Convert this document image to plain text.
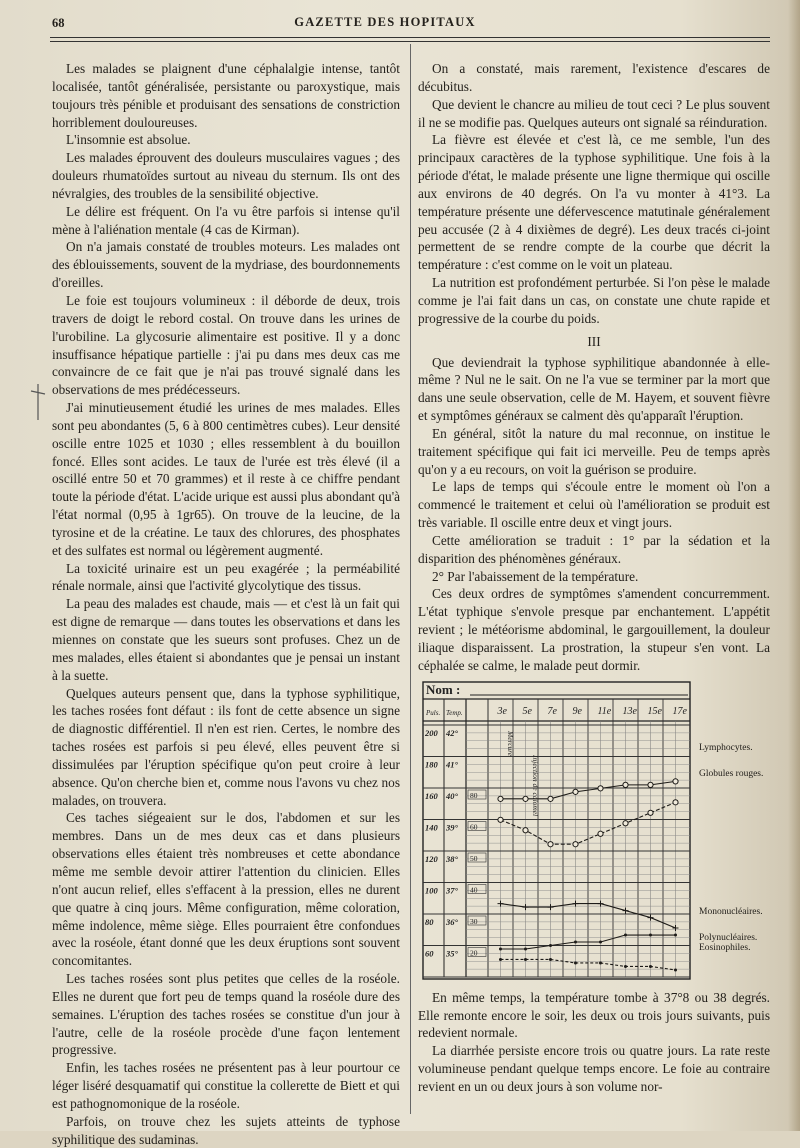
68	GAZETTE DES HOPITAUX

Les malades se plaignent d'une céphalalgie intense, tantôt localisée, tantôt généralisée, persistante ou paroxystique, mais toujours très pénible et produisant des sensations de constriction horriblement douloureuses.

L'insomnie est absolue.

Les malades éprouvent des douleurs musculaires vagues ; des douleurs rhumatoïdes surtout au niveau du sternum. Ils ont des névralgies, des troubles de la sensibilité objective.

Le délire est fréquent. On l'a vu être parfois si intense qu'il mène à l'aliénation mentale (4 cas de Kirman).

On n'a jamais constaté de troubles moteurs. Les malades ont des éblouissements, souvent de la mydriase, des bourdonnements d'oreilles.

Le foie est toujours volumineux : il déborde de deux, trois travers de doigt le rebord costal. On trouve dans les urines de l'urobiline. La glycosurie alimentaire est positive. Il y a donc insuffisance hépatique partielle : j'ai pu dans mes deux cas me convaincre de ce fait que je n'ai pas trouvé signalé dans les observations de mes prédécesseurs.

J'ai minutieusement étudié les urines de mes malades. Elles sont peu abondantes (5, 6 à 800 centimètres cubes). Leur densité oscille entre 1025 et 1030 ; elles ressemblent à du bouillon foncé. Elles sont acides. Le taux de l'urée est très élevé (il a oscillé entre 50 et 70 grammes) et il reste à ce chiffre pendant toute la période d'état. L'acide urique est aussi plus abondant qu'à l'état normal (0,95 à 1gr65). On trouve de la leucine, de la tyrosine et de la créatine. Le taux des chlorures, des phosphates et des sulfates est normal ou légèrement augmenté.

La toxicité urinaire est un peu exagérée ; la perméabilité rénale normale, ainsi que l'activité glycolytique des tissus.

La peau des malades est chaude, mais — et c'est là un fait qui est digne de remarque — dans toutes les observations et dans les miennes on constate que les sueurs sont profuses. Chez un de mes malades, elles étaient si abondantes que je pensai un instant à la suette.

Quelques auteurs pensent que, dans la typhose syphilitique, les taches rosées font défaut : ils font de cette absence un signe de diagnostic différentiel. Il n'en est rien. Certes, le nombre des taches rosées est parfois si peu élevé, elles peuvent être si dissimulées par l'éruption spécifique qu'on peut croire à leur absence. Qu'on cherche bien et, comme nous l'avons vu chez nos malades, on trouvera.

Ces taches siégeaient sur le dos, l'abdomen et sur les membres. Dans un de mes deux cas et dans plusieurs observations elles étaient très nombreuses et cette abondance même me semble devoir attirer l'attention du clinicien. Elles n'ont aucun relief, elles s'effacent à la pression, elles ne durent que quatre à cinq jours. Même configuration, même coloration, même indolence, même siège. Elles pourraient être confondues avec la roséole, étant donné que les deux éruptions sont souvent concomitantes.

Les taches rosées sont plus petites que celles de la roséole. Elles ne durent que fort peu de temps quand la roséole dure des semaines. L'éruption des taches rosées se constitue d'un jour à l'autre, celle de la roséole procède d'une façon lentement progressive.

Enfin, les taches rosées ne présentent pas à leur pourtour ce léger liséré desquamatif qui constitue la collerette de Biett et qui est pathognomonique de la roséole.

Parfois, on trouve chez les sujets atteints de typhose syphilitique des sudaminas.

On a constaté, mais rarement, l'existence d'escares de décubitus.

Que devient le chancre au milieu de tout ceci ? Le plus souvent il ne se modifie pas. Quelques auteurs ont signalé sa réinduration.

La fièvre est élevée et c'est là, ce me semble, l'un des principaux caractères de la typhose syphilitique. Une fois à la période d'état, le malade présente une ligne thermique qui oscille aux environs de 40 degrés. On l'a vu monter à 41°3. La température présente une défervescence matutinale généralement peu accusée (2 à 4 dixièmes de degré). Les deux tracés ci-joint permettent de se rendre compte de la courbe que décrit la température : c'est comme on le voit un plateau.

La nutrition est profondément perturbée. Si l'on pèse le malade comme je l'ai fait dans un cas, on constate une chute rapide et progressive de la courbe du poids.

III

Que deviendrait la typhose syphilitique abandonnée à elle-même ? Nul ne le sait. On ne l'a vue se terminer par la mort que dans une seule observation, celle de M. Hayem, et souvent fièvre et symptômes généraux se calment dès qu'apparaît l'éruption.

En général, sitôt la nature du mal reconnue, on institue le traitement spécifique qui fait ici merveille. Peu de temps après qu'on y a eu recours, on voit la guérison se produire.

Le laps de temps qui s'écoule entre le moment où l'on a commencé le traitement et celui où l'amélioration se produit est très variable. Il oscille entre deux et vingt jours.

Cette amélioration se traduit : 1° par la sédation et la disparition des phénomènes généraux.

2° Par l'abaissement de la température.

Ces deux ordres de symptômes s'amendent concurremment. L'état typhique s'envole presque par enchantement. L'appétit revient ; le météorisme abdominal, le gargouillement, la douleur iliaque disparaissent. La prostration, la stupeur s'en vont. La céphalée se calme, le malade peut dormir.

Nom :
Puls. Temp.	3e 5e 7e 9e 11e 13e 15e 17e
200
180
160
140
120
100
80
60
42°
41°
40°
39°
38°
37°
36°
35°
80
60
50
40
30
20
Mercure
Injection de calomel
Lymphocytes.
Globules rouges.
Mononucléaires.
Polynucléaires.
Eosinophiles.

En même temps, la température tombe à 37°8 ou 38 degrés. Elle remonte encore le soir, les deux ou trois jours suivants, puis redevient normale.

La diarrhée persiste encore trois ou quatre jours. La rate reste volumineuse pendant quelque temps encore. Le foie au contraire revient en un ou deux jours à son volume nor-
